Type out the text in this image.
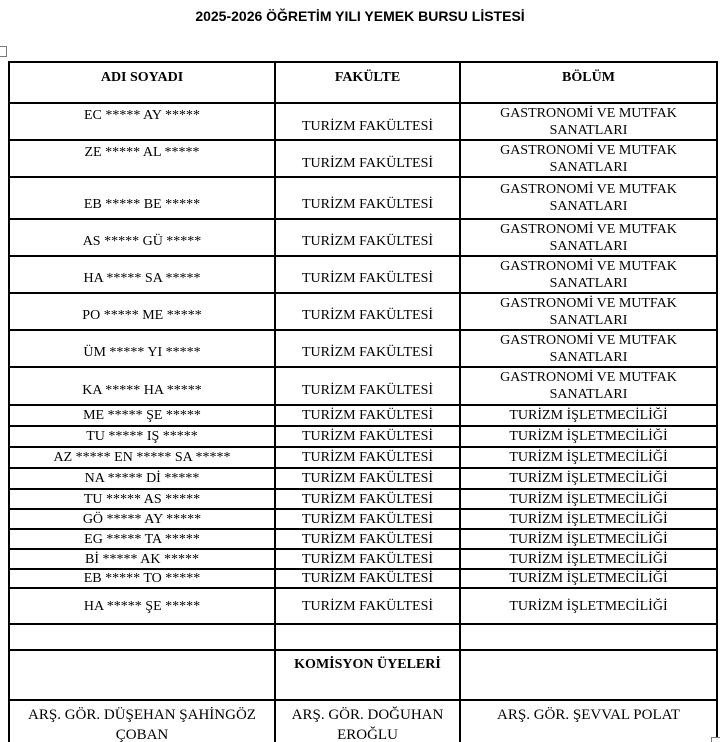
2025-2026 ÖĞRETİM YILI YEMEK BURSU LİSTESİ
ADI SOYADI	FAKÜLTE	BÖLÜM
EC ***** AY *****	TURİZM FAKÜLTESİ	GASTRONOMİ VE MUTFAK SANATLARI
ZE ***** AL *****	TURİZM FAKÜLTESİ	GASTRONOMİ VE MUTFAK SANATLARI
EB ***** BE *****	TURİZM FAKÜLTESİ	GASTRONOMİ VE MUTFAK SANATLARI
AS ***** GÜ *****	TURİZM FAKÜLTESİ	GASTRONOMİ VE MUTFAK SANATLARI
HA ***** SA *****	TURİZM FAKÜLTESİ	GASTRONOMİ VE MUTFAK SANATLARI
PO ***** ME *****	TURİZM FAKÜLTESİ	GASTRONOMİ VE MUTFAK SANATLARI
ÜM ***** YI *****	TURİZM FAKÜLTESİ	GASTRONOMİ VE MUTFAK SANATLARI
KA ***** HA *****	TURİZM FAKÜLTESİ	GASTRONOMİ VE MUTFAK SANATLARI
ME ***** ŞE *****	TURİZM FAKÜLTESİ	TURİZM İŞLETMECİLİĞİ
TU ***** IŞ *****	TURİZM FAKÜLTESİ	TURİZM İŞLETMECİLİĞİ
AZ ***** EN ***** SA *****	TURİZM FAKÜLTESİ	TURİZM İŞLETMECİLİĞİ
NA ***** Dİ *****	TURİZM FAKÜLTESİ	TURİZM İŞLETMECİLİĞİ
TU ***** AS *****	TURİZM FAKÜLTESİ	TURİZM İŞLETMECİLİĞİ
GÖ ***** AY *****	TURİZM FAKÜLTESİ	TURİZM İŞLETMECİLİĞİ
EG ***** TA *****	TURİZM FAKÜLTESİ	TURİZM İŞLETMECİLİĞİ
Bİ ***** AK *****	TURİZM FAKÜLTESİ	TURİZM İŞLETMECİLİĞİ
EB ***** TO *****	TURİZM FAKÜLTESİ	TURİZM İŞLETMECİLİĞİ
HA ***** ŞE *****	TURİZM FAKÜLTESİ	TURİZM İŞLETMECİLİĞİ

	KOMİSYON ÜYELERİ	
ARŞ. GÖR. DÜŞEHAN ŞAHİNGÖZ ÇOBAN	ARŞ. GÖR. DOĞUHAN EROĞLU	ARŞ. GÖR. ŞEVVAL POLAT
